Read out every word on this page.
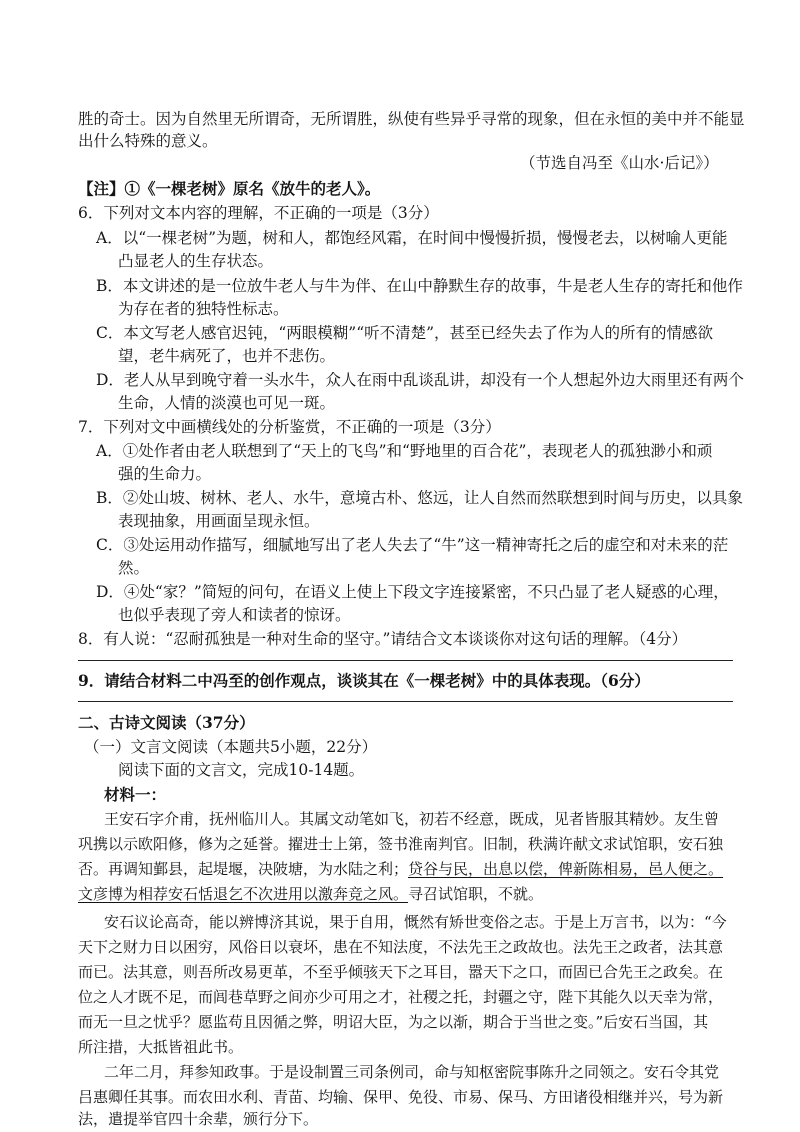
胜的奇士。因为自然里无所谓奇，无所谓胜，纵使有些异乎寻常的现象，但在永恒的美中并不能显
出什么特殊的意义。
（节选自冯至《山水·后记》）
【注】①《一棵老树》原名《放牛的老人》。
6．下列对文本内容的理解，不正确的一项是（3分）
A．以“一棵老树”为题，树和人，都饱经风霜，在时间中慢慢折损，慢慢老去，以树喻人更能
凸显老人的生存状态。
B．本文讲述的是一位放牛老人与牛为伴、在山中静默生存的故事，牛是老人生存的寄托和他作
为存在者的独特性标志。
C．本文写老人感官迟钝，“两眼模糊”“听不清楚”，甚至已经失去了作为人的所有的情感欲
望，老牛病死了，也并不悲伤。
D．老人从早到晚守着一头水牛，众人在雨中乱谈乱讲，却没有一个人想起外边大雨里还有两个
生命，人情的淡漠也可见一斑。
7．下列对文中画横线处的分析鉴赏，不正确的一项是（3分）
A．①处作者由老人联想到了“天上的飞鸟”和“野地里的百合花”，表现老人的孤独渺小和顽
强的生命力。
B．②处山坡、树林、老人、水牛，意境古朴、悠远，让人自然而然联想到时间与历史，以具象
表现抽象，用画面呈现永恒。
C．③处运用动作描写，细腻地写出了老人失去了“牛”这一精神寄托之后的虚空和对未来的茫
然。
D．④处“家？”简短的问句，在语义上使上下段文字连接紧密，不只凸显了老人疑惑的心理，
也似乎表现了旁人和读者的惊讶。
8．有人说：“忍耐孤独是一种对生命的坚守。”请结合文本谈谈你对这句话的理解。（4分）
9．请结合材料二中冯至的创作观点，谈谈其在《一棵老树》中的具体表现。（6分）
二、古诗文阅读（37分）
（一）文言文阅读（本题共5小题，22分）
阅读下面的文言文，完成10-14题。
材料一：
王安石字介甫，抚州临川人。其属文动笔如飞，初若不经意，既成，见者皆服其精妙。友生曾
巩携以示欧阳修，修为之延誉。擢进士上第，签书淮南判官。旧制，秩满许献文求试馆职，安石独
否。再调知鄞县，起堤堰，决陂塘，为水陆之利；贷谷与民，出息以偿，俾新陈相易，邑人便之。
文彦博为相荐安石恬退乞不次进用以激奔竞之风。寻召试馆职，不就。
安石议论高奇，能以辨博济其说，果于自用，慨然有矫世变俗之志。于是上万言书，以为：“今
天下之财力日以困穷，风俗日以衰坏，患在不知法度，不法先王之政故也。法先王之政者，法其意
而已。法其意，则吾所改易更革，不至乎倾骇天下之耳目，嚣天下之口，而固已合先王之政矣。在
位之人才既不足，而闾巷草野之间亦少可用之才，社稷之托，封疆之守，陛下其能久以天幸为常，
而无一旦之忧乎？愿监苟且因循之弊，明诏大臣，为之以渐，期合于当世之变。”后安石当国，其
所注措，大抵皆祖此书。
二年二月，拜参知政事。于是设制置三司条例司，命与知枢密院事陈升之同领之。安石令其党
吕惠卿任其事。而农田水利、青苗、均输、保甲、免役、市易、保马、方田诸役相继并兴，号为新
法，遣提举官四十余辈，颁行分下。
